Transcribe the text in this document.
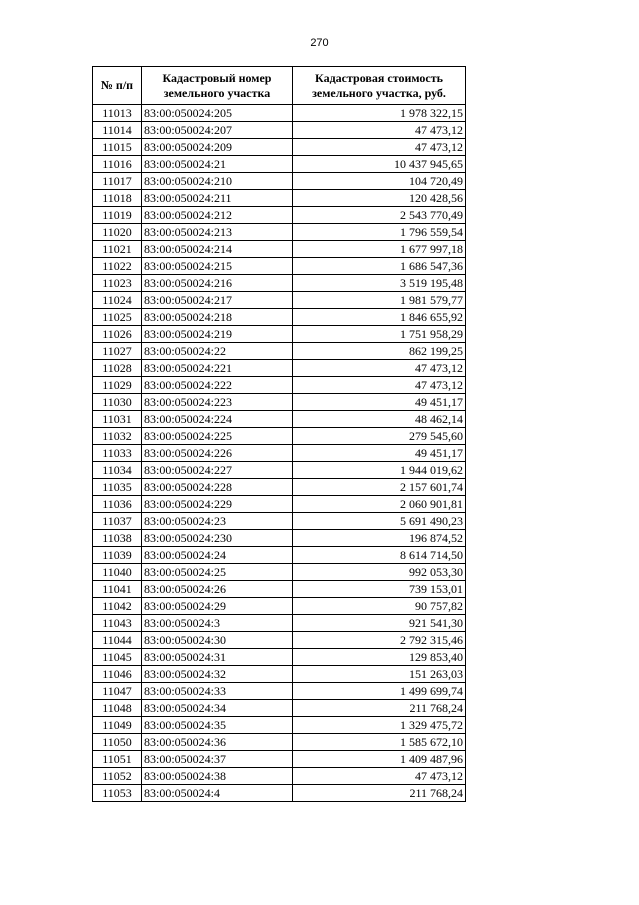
270
№ п/п	Кадастровый номер земельного участка	Кадастровая стоимость земельного участка, руб.
11013	83:00:050024:205	1 978 322,15
11014	83:00:050024:207	47 473,12
11015	83:00:050024:209	47 473,12
11016	83:00:050024:21	10 437 945,65
11017	83:00:050024:210	104 720,49
11018	83:00:050024:211	120 428,56
11019	83:00:050024:212	2 543 770,49
11020	83:00:050024:213	1 796 559,54
11021	83:00:050024:214	1 677 997,18
11022	83:00:050024:215	1 686 547,36
11023	83:00:050024:216	3 519 195,48
11024	83:00:050024:217	1 981 579,77
11025	83:00:050024:218	1 846 655,92
11026	83:00:050024:219	1 751 958,29
11027	83:00:050024:22	862 199,25
11028	83:00:050024:221	47 473,12
11029	83:00:050024:222	47 473,12
11030	83:00:050024:223	49 451,17
11031	83:00:050024:224	48 462,14
11032	83:00:050024:225	279 545,60
11033	83:00:050024:226	49 451,17
11034	83:00:050024:227	1 944 019,62
11035	83:00:050024:228	2 157 601,74
11036	83:00:050024:229	2 060 901,81
11037	83:00:050024:23	5 691 490,23
11038	83:00:050024:230	196 874,52
11039	83:00:050024:24	8 614 714,50
11040	83:00:050024:25	992 053,30
11041	83:00:050024:26	739 153,01
11042	83:00:050024:29	90 757,82
11043	83:00:050024:3	921 541,30
11044	83:00:050024:30	2 792 315,46
11045	83:00:050024:31	129 853,40
11046	83:00:050024:32	151 263,03
11047	83:00:050024:33	1 499 699,74
11048	83:00:050024:34	211 768,24
11049	83:00:050024:35	1 329 475,72
11050	83:00:050024:36	1 585 672,10
11051	83:00:050024:37	1 409 487,96
11052	83:00:050024:38	47 473,12
11053	83:00:050024:4	211 768,24
